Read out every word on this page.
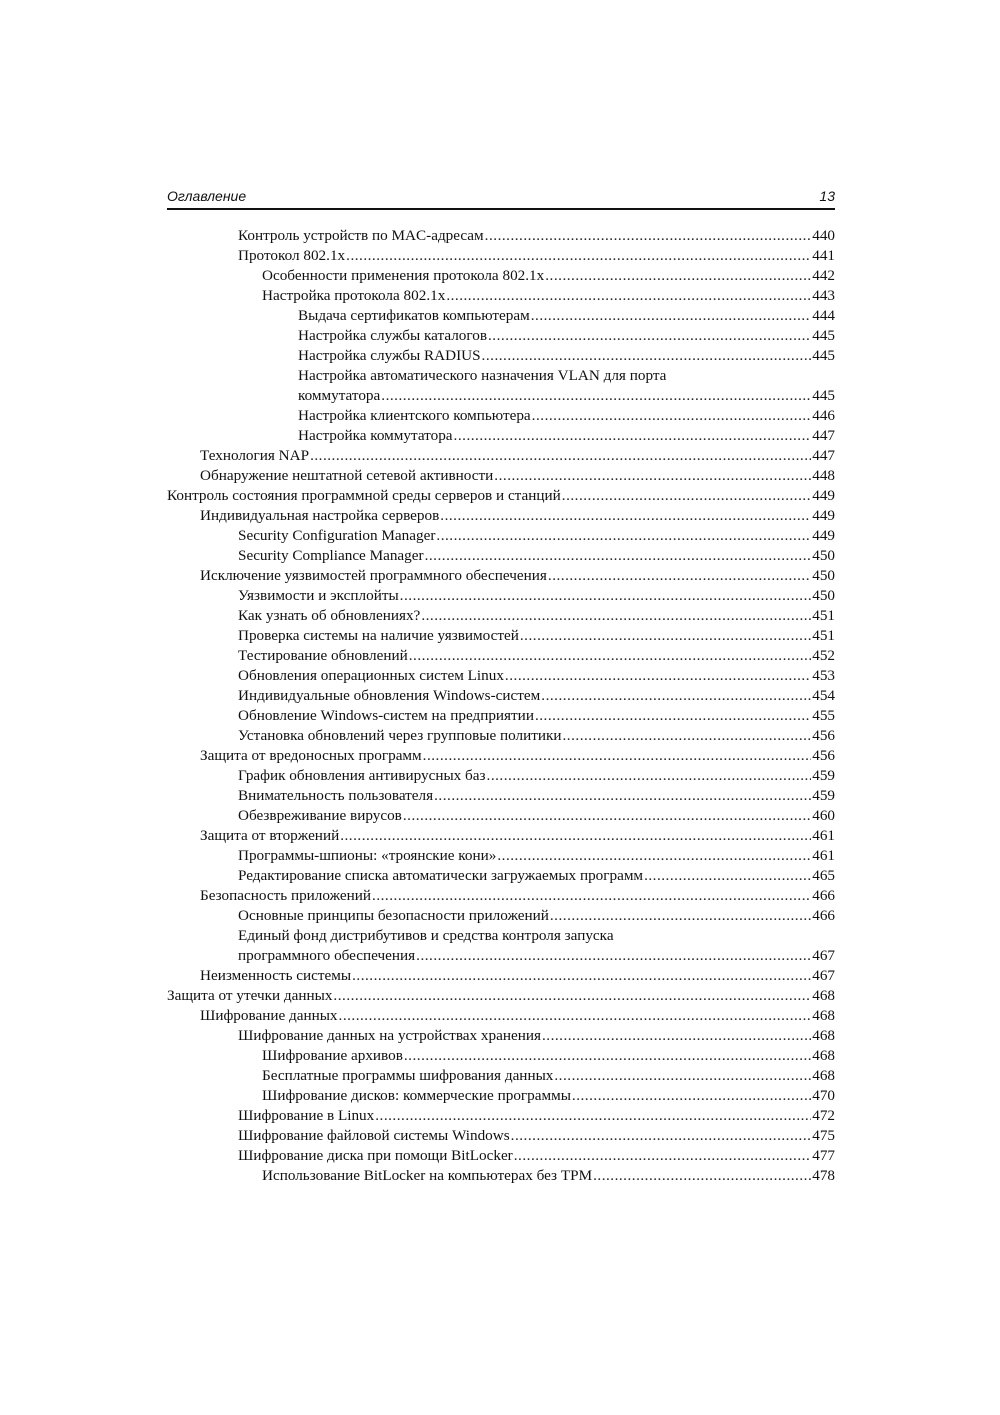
Оглавление	13
Контроль устройств по MAC-адресам .....	440
Протокол 802.1x .....	441
Особенности применения протокола 802.1x .....	442
Настройка протокола 802.1x .....	443
Выдача сертификатов компьютерам .....	444
Настройка службы каталогов .....	445
Настройка службы RADIUS .....	445
Настройка автоматического назначения VLAN для порта
коммутатора .....	445
Настройка клиентского компьютера .....	446
Настройка коммутатора .....	447
Технология NAP .....	447
Обнаружение нештатной сетевой активности .....	448
Контроль состояния программной среды серверов и станций .....	449
Индивидуальная настройка серверов .....	449
Security Configuration Manager .....	449
Security Compliance Manager .....	450
Исключение уязвимостей программного обеспечения .....	450
Уязвимости и эксплойты .....	450
Как узнать об обновлениях? .....	451
Проверка системы на наличие уязвимостей .....	451
Тестирование обновлений .....	452
Обновления операционных систем Linux .....	453
Индивидуальные обновления Windows-систем .....	454
Обновление Windows-систем на предприятии .....	455
Установка обновлений через групповые политики .....	456
Защита от вредоносных программ .....	456
График обновления антивирусных баз .....	459
Внимательность пользователя .....	459
Обезвреживание вирусов .....	460
Защита от вторжений .....	461
Программы-шпионы: «троянские кони» .....	461
Редактирование списка автоматически загружаемых программ .....	465
Безопасность приложений .....	466
Основные принципы безопасности приложений .....	466
Единый фонд дистрибутивов и средства контроля запуска
программного обеспечения .....	467
Неизменность системы .....	467
Защита от утечки данных .....	468
Шифрование данных .....	468
Шифрование данных на устройствах хранения .....	468
Шифрование архивов .....	468
Бесплатные программы шифрования данных .....	468
Шифрование дисков: коммерческие программы .....	470
Шифрование в Linux .....	472
Шифрование файловой системы Windows .....	475
Шифрование диска при помощи BitLocker .....	477
Использование BitLocker на компьютерах без TPM .....	478
